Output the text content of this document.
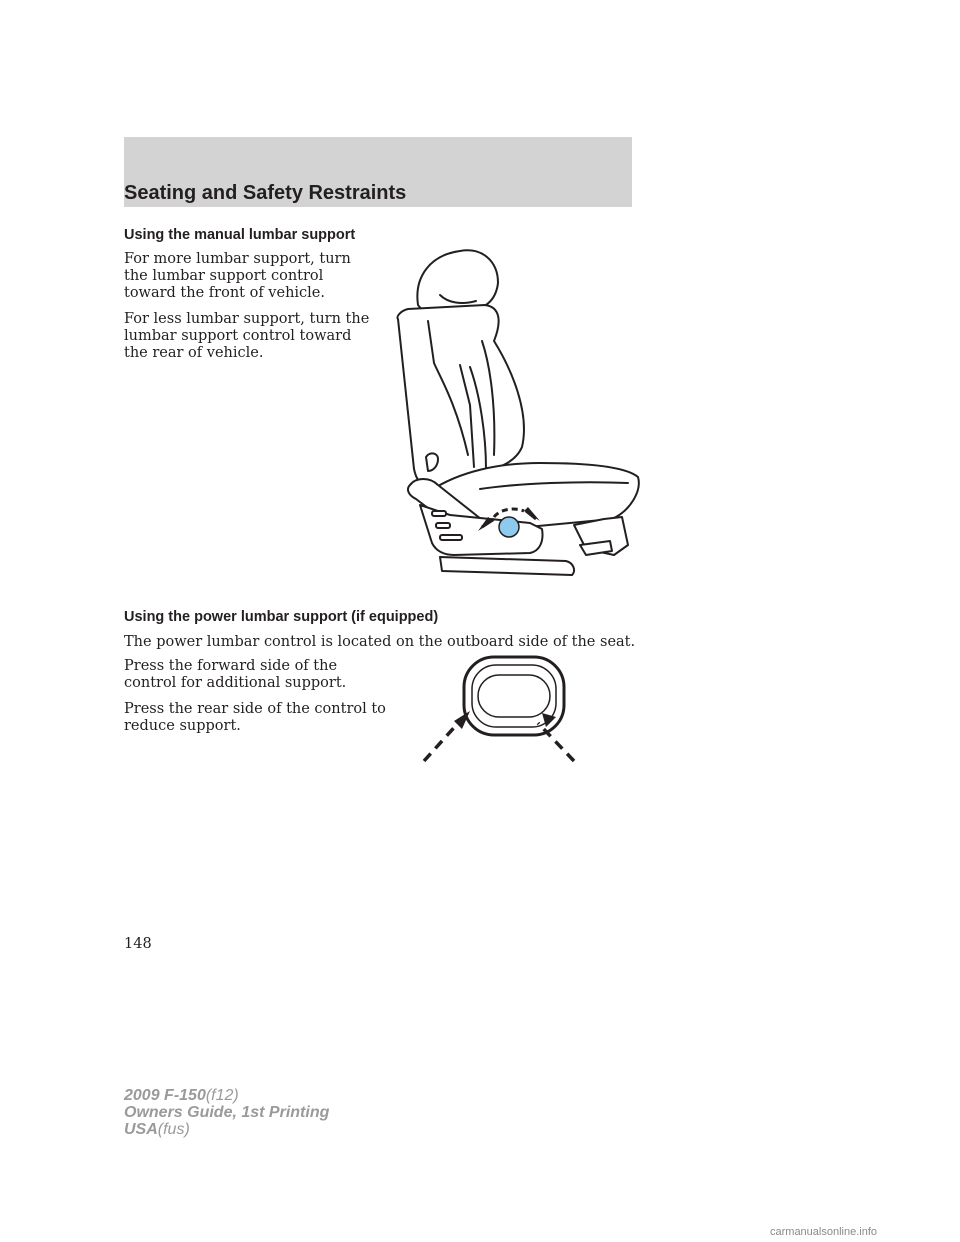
Seating and Safety Restraints
Using the manual lumbar support

For more lumbar support, turn the lumbar support control toward the front of vehicle.

For less lumbar support, turn the lumbar support control toward the rear of vehicle.

Using the power lumbar support (if equipped)

The power lumbar control is located on the outboard side of the seat.

Press the forward side of the control for additional support.

Press the rear side of the control to reduce support.

148
2009 F-150(f12)
Owners Guide, 1st Printing
USA(fus)
carmanualsonline.info
